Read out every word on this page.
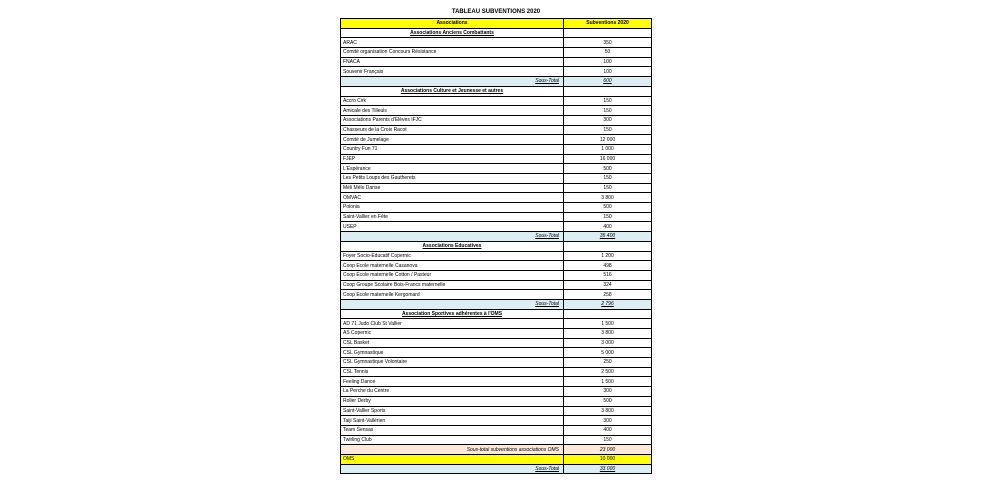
TABLEAU SUBVENTIONS 2020
Associations	Subventions 2020
Associations Anciens Combattants	
ARAC	350
Comité organisation Concours Résistance	50
FNACA	100
Souvenir Français	100
Sous-Total	600
Associations Culture et Jeunesse et autres	
Accro Cirk	150
Amicale des Tilleuls	150
Associations Parents d'Elèves IFJC	300
Chasseurs de la Croix Racot	150
Comité de Jumelage	12 000
Country Fun 71	1 000
FJEP	16 000
L'Espérance	500
Les Petits Loups des Gautherets	150
Méli Mélo Danse	150
OMVAC	3 800
Polonia	500
Saint-Vallier en Fête	150
USEP	400
Sous-Total	35 400
Associations Educatives	
Foyer Socio-Educatif Copernic	1 200
Coop Ecole maternelle Casanova	498
Coop Ecole maternelle Cotton / Pasteur	516
Coop Groupe Scolaire Bois-Francs maternelle	324
Coop Ecole maternelle Kergomard	258
Sous-Total	2 796
Association Sportives adhérentes à l'OMS	
AD 71 Judo Club St Vallier	1 500
AS Copernic	3 800
CSL Basket	3 000
CSL Gymnastique	5 000
CSL Gymnastique Volontaire	250
CSL Tennis	2 500
Feeling Dance	1 500
La Perche du Centre	300
Roller Derby	500
Saint-Vallier Sports	3 800
Taiji Saint-Vallérien	300
Team Sensas	400
Twirling Club	150
Sous-total subventions associations OMS	23 000
OMS	10 000
Sous-Total	33 000
